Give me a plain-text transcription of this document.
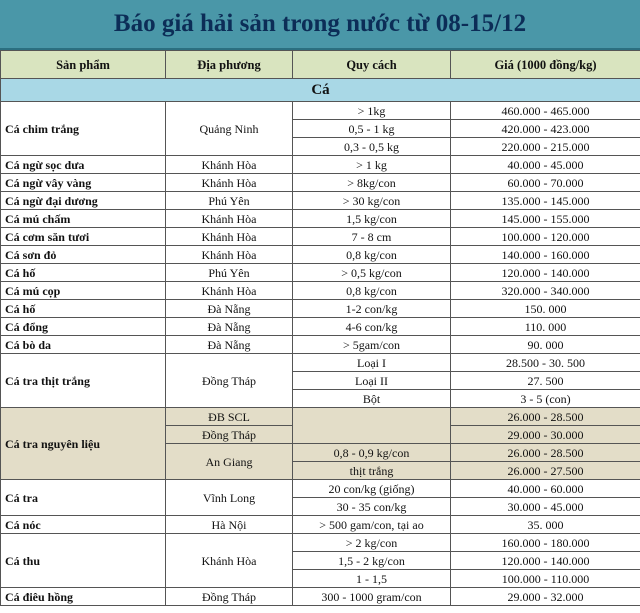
Báo giá hải sản trong nước từ 08-15/12
Sản phẩm	Địa phương	Quy cách	Giá (1000 đồng/kg)
Cá			
Cá chim trắng	Quảng Ninh	> 1kg	460.000 - 465.000
		0,5 - 1 kg	420.000 - 423.000
		0,3 - 0,5 kg	220.000 - 215.000
Cá ngừ sọc dưa	Khánh Hòa	> 1 kg	40.000 - 45.000
Cá ngừ vây vàng	Khánh Hòa	> 8kg/con	60.000 - 70.000
Cá ngừ đại dương	Phú Yên	> 30 kg/con	135.000 - 145.000
Cá mú chấm	Khánh Hòa	1,5 kg/con	145.000 - 155.000
Cá cơm săn tươi	Khánh Hòa	7 - 8 cm	100.000 - 120.000
Cá sơn đỏ	Khánh Hòa	0,8 kg/con	140.000 - 160.000
Cá hố	Phú Yên	> 0,5 kg/con	120.000 - 140.000
Cá mú cọp	Khánh Hòa	0,8 kg/con	320.000 - 340.000
Cá hố	Đà Nẵng	1-2 con/kg	150. 000
Cá đổng	Đà Nẵng	4-6 con/kg	110. 000
Cá bò da	Đà Nẵng	> 5gam/con	90. 000
Cá tra thịt trắng	Đồng Tháp	Loại I	28.500 - 30. 500
		Loại II	27. 500
		Bột	3 - 5 (con)
Cá tra nguyên liệu	ĐB SCL		26.000 - 28.500
	Đồng Tháp		29.000 - 30.000
	An Giang	0,8 - 0,9 kg/con	26.000 - 28.500
		thịt trắng	26.000 - 27.500
Cá tra	Vĩnh Long	20 con/kg (giống)	40.000 - 60.000
		30 - 35 con/kg	30.000 - 45.000
Cá nóc	Hà Nội	> 500 gam/con, tại ao	35. 000
Cá thu	Khánh Hòa	> 2 kg/con	160.000 - 180.000
		1,5 - 2 kg/con	120.000 - 140.000
		1 - 1,5	100.000 - 110.000
Cá điêu hồng	Đồng Tháp	300 - 1000 gram/con	29.000 - 32.000
